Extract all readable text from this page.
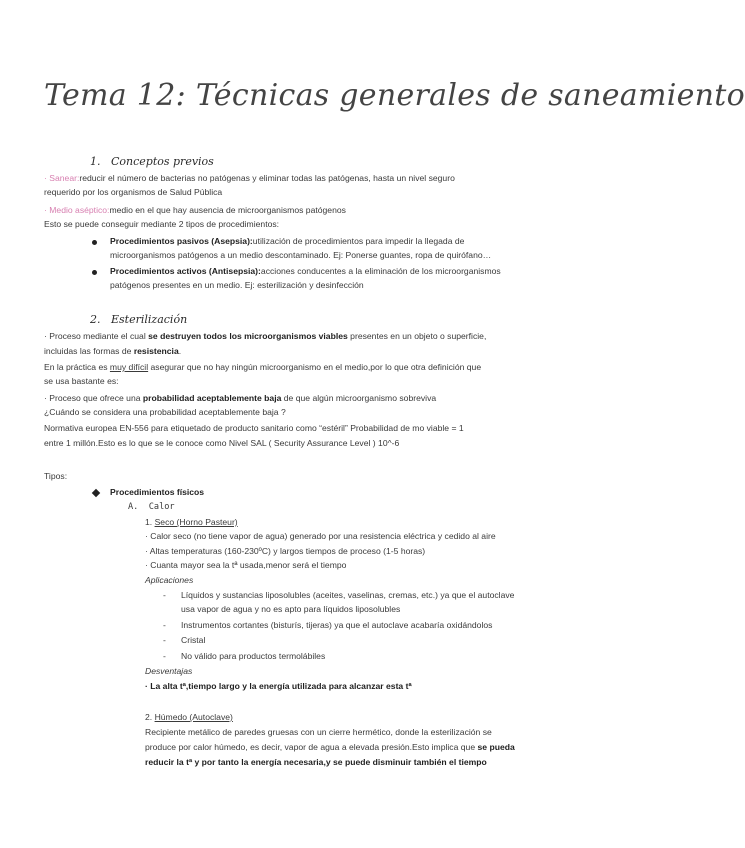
Tema 12: Técnicas generales de saneamiento
1. Conceptos previos
· Sanear:reducir el número de bacterias no patógenas y eliminar todas las patógenas, hasta un nivel seguro
requerido por los organismos de Salud Pública
· Medio aséptico:medio en el que hay ausencia de microorganismos patógenos
Esto se puede conseguir mediante 2 tipos de procedimientos:
Procedimientos pasivos (Asepsia):utilización de procedimientos para impedir la llegada de
microorganismos patógenos a un medio descontaminado. Ej: Ponerse guantes, ropa de quirófano…
Procedimientos activos (Antisepsia):acciones conducentes a la eliminación de los microorganismos
patógenos presentes en un medio. Ej: esterilización y desinfección
2. Esterilización
· Proceso mediante el cual se destruyen todos los microorganismos viables presentes en un objeto o superficie,
incluidas las formas de resistencia.
En la práctica es muy difícil asegurar que no hay ningún microorganismo en el medio,por lo que otra definición que
se usa bastante es:
· Proceso que ofrece una probabilidad aceptablemente baja de que algún microorganismo sobreviva
¿Cuándo se considera una probabilidad aceptablemente baja ?
Normativa europea EN-556 para etiquetado de producto sanitario como “estéril” Probabilidad de mo viable = 1
entre 1 millón.Esto es lo que se le conoce como Nivel SAL ( Security Assurance Level ) 10^-6
Tipos:
Procedimientos físicos
A. Calor
1. Seco (Horno Pasteur)
· Calor seco (no tiene vapor de agua) generado por una resistencia eléctrica y cedido al aire
· Altas temperaturas (160-230ºC) y largos tiempos de proceso (1-5 horas)
· Cuanta mayor sea la tª usada,menor será el tiempo
Aplicaciones
- Líquidos y sustancias liposolubles (aceites, vaselinas, cremas, etc.) ya que el autoclave
usa vapor de agua y no es apto para líquidos liposolubles
- Instrumentos cortantes (bisturís, tijeras) ya que el autoclave acabaría oxidándolos
- Cristal
- No válido para productos termolábiles
Desventajas
· La alta tª,tiempo largo y la energía utilizada para alcanzar esta tª
2. Húmedo (Autoclave)
Recipiente metálico de paredes gruesas con un cierre hermético, donde la esterilización se
produce por calor húmedo, es decir, vapor de agua a elevada presión.Esto implica que se pueda
reducir la tª y por tanto la energía necesaria,y se puede disminuir también el tiempo
